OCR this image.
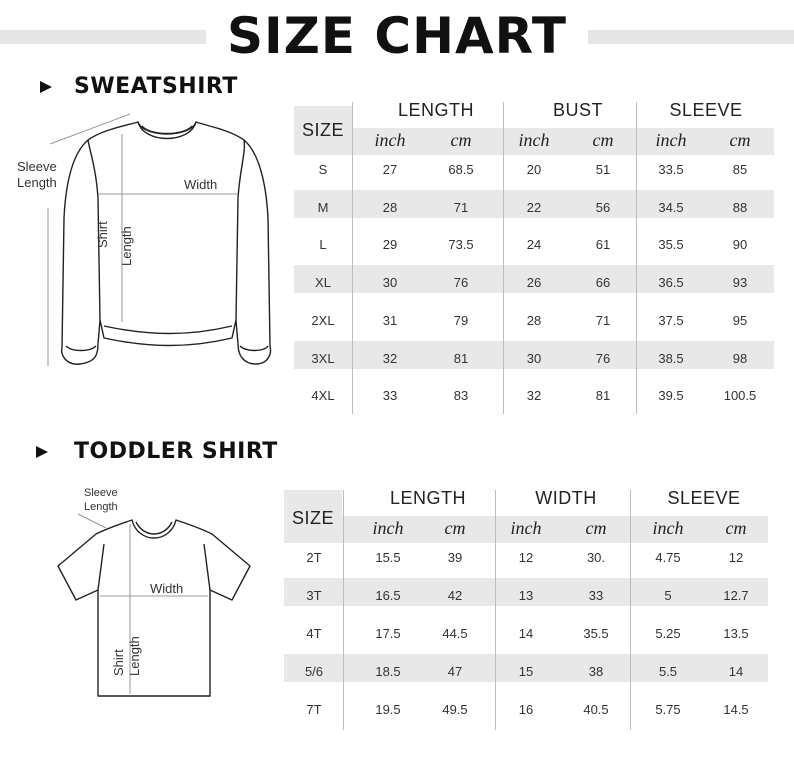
SIZE CHART
SWEATSHIRT
Sleeve
Length	Width
Shirt Length
SIZE
LENGTH	BUST	SLEEVE
inch	cm	inch	cm	inch	cm
S	27	68.5	20	51	33.5	85
M	28	71	22	56	34.5	88
L	29	73.5	24	61	35.5	90
XL	30	76	26	66	36.5	93
2XL	31	79	28	71	37.5	95
3XL	32	81	30	76	38.5	98
4XL	33	83	32	81	39.5	100.5
TODDLER SHIRT
Sleeve
Length
Width
Shirt Length
SIZE
LENGTH	WIDTH	SLEEVE
inch	cm	inch	cm	inch	cm
2T	15.5	39	12	30.	4.75	12
3T	16.5	42	13	33	5	12.7
4T	17.5	44.5	14	35.5	5.25	13.5
5/6	18.5	47	15	38	5.5	14
7T	19.5	49.5	16	40.5	5.75	14.5
